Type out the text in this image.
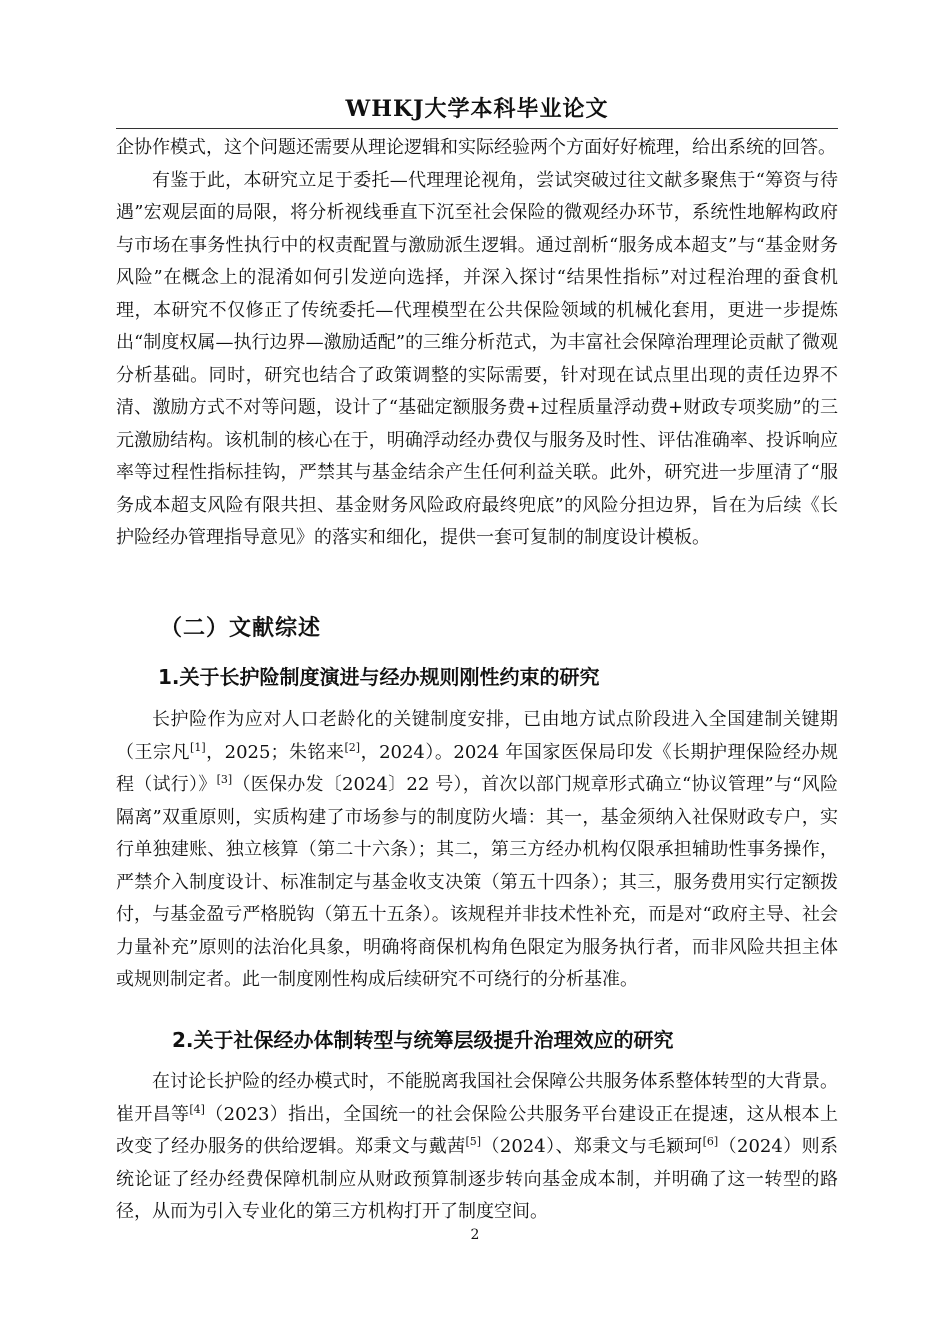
WHKJ大学本科毕业论文

企协作模式，这个问题还需要从理论逻辑和实际经验两个方面好好梳理，给出系统的回答。

有鉴于此，本研究立足于委托—代理理论视角，尝试突破过往文献多聚焦于“筹资与待遇”宏观层面的局限，将分析视线垂直下沉至社会保险的微观经办环节，系统性地解构政府与市场在事务性执行中的权责配置与激励派生逻辑。通过剖析“服务成本超支”与“基金财务风险”在概念上的混淆如何引发逆向选择，并深入探讨“结果性指标”对过程治理的蚕食机理，本研究不仅修正了传统委托—代理模型在公共保险领域的机械化套用，更进一步提炼出“制度权属—执行边界—激励适配”的三维分析范式，为丰富社会保障治理理论贡献了微观分析基础。同时，研究也结合了政策调整的实际需要，针对现在试点里出现的责任边界不清、激励方式不对等问题，设计了“基础定额服务费+过程质量浮动费+财政专项奖励”的三元激励结构。该机制的核心在于，明确浮动经办费仅与服务及时性、评估准确率、投诉响应率等过程性指标挂钩，严禁其与基金结余产生任何利益关联。此外，研究进一步厘清了“服务成本超支风险有限共担、基金财务风险政府最终兜底”的风险分担边界，旨在为后续《长护险经办管理指导意见》的落实和细化，提供一套可复制的制度设计模板。

（二）文献综述
1.关于长护险制度演进与经办规则刚性约束的研究

长护险作为应对人口老龄化的关键制度安排，已由地方试点阶段进入全国建制关键期（王宗凡[1]，2025；朱铭来[2]，2024）。2024 年国家医保局印发《长期护理保险经办规程（试行）》[3]（医保办发〔2024〕22 号），首次以部门规章形式确立“协议管理”与“风险隔离”双重原则，实质构建了市场参与的制度防火墙：其一，基金须纳入社保财政专户，实行单独建账、独立核算（第二十六条）；其二，第三方经办机构仅限承担辅助性事务操作，严禁介入制度设计、标准制定与基金收支决策（第五十四条）；其三，服务费用实行定额拨付，与基金盈亏严格脱钩（第五十五条）。该规程并非技术性补充，而是对“政府主导、社会力量补充”原则的法治化具象，明确将商保机构角色限定为服务执行者，而非风险共担主体或规则制定者。此一制度刚性构成后续研究不可绕行的分析基准。

2.关于社保经办体制转型与统筹层级提升治理效应的研究

在讨论长护险的经办模式时，不能脱离我国社会保障公共服务体系整体转型的大背景。崔开昌等[4]（2023）指出，全国统一的社会保险公共服务平台建设正在提速，这从根本上改变了经办服务的供给逻辑。郑秉文与戴茜[5]（2024）、郑秉文与毛颖珂[6]（2024）则系统论证了经办经费保障机制应从财政预算制逐步转向基金成本制，并明确了这一转型的路径，从而为引入专业化的第三方机构打开了制度空间。

2
